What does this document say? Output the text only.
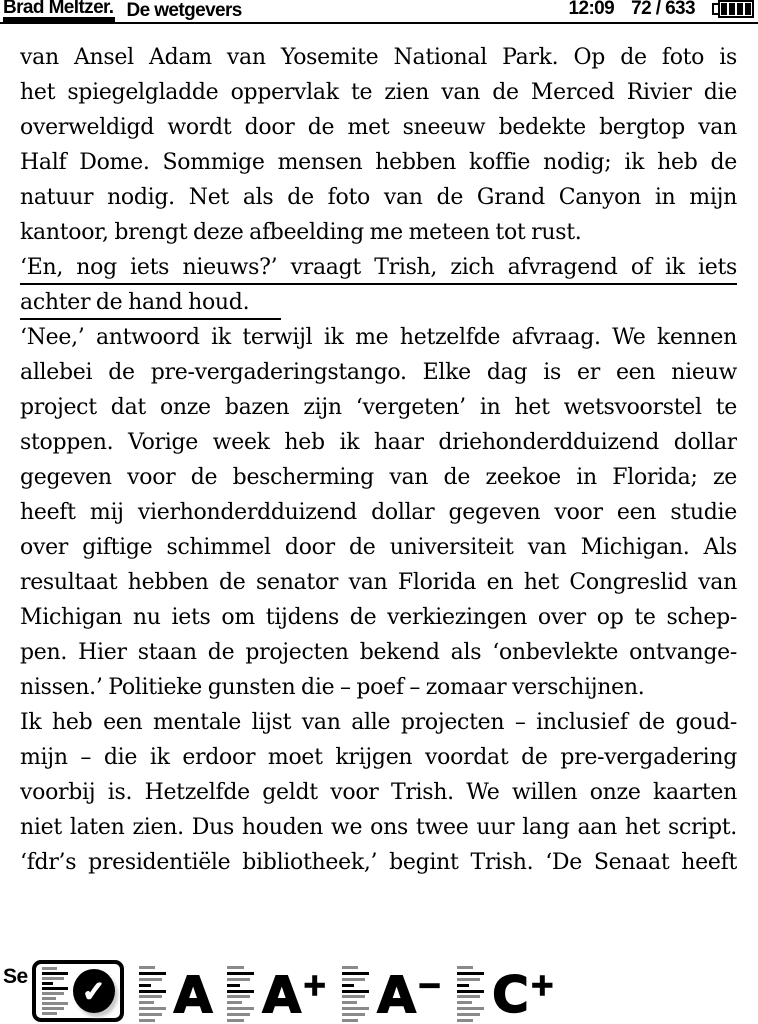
Brad Meltzer. De wetgevers	12:09 72 / 633
van Ansel Adam van Yosemite National Park. Op de foto is
het spiegelgladde oppervlak te zien van de Merced Rivier die
overweldigd wordt door de met sneeuw bedekte bergtop van
Half Dome. Sommige mensen hebben koffie nodig; ik heb de
natuur nodig. Net als de foto van de Grand Canyon in mijn
kantoor, brengt deze afbeelding me meteen tot rust.
‘En, nog iets nieuws?’ vraagt Trish, zich afvragend of ik iets
achter de hand houd.
‘Nee,’ antwoord ik terwijl ik me hetzelfde afvraag. We kennen
allebei de pre-vergaderingstango. Elke dag is er een nieuw
project dat onze bazen zijn ‘vergeten’ in het wetsvoorstel te
stoppen. Vorige week heb ik haar driehonderdduizend dollar
gegeven voor de bescherming van de zeekoe in Florida; ze
heeft mij vierhonderdduizend dollar gegeven voor een studie
over giftige schimmel door de universiteit van Michigan. Als
resultaat hebben de senator van Florida en het Congreslid van
Michigan nu iets om tijdens de verkiezingen over op te schep-
pen. Hier staan de projecten bekend als ‘onbevlekte ontvange-
nissen.’ Politieke gunsten die – poef – zomaar verschijnen.
Ik heb een mentale lijst van alle projecten – inclusief de goud-
mijn – die ik erdoor moet krijgen voordat de pre-vergadering
voorbij is. Hetzelfde geldt voor Trish. We willen onze kaarten
niet laten zien. Dus houden we ons twee uur lang aan het script.
‘fdr’s presidentiële bibliotheek,’ begint Trish. ‘De Senaat heeft
Se	✓ A A+ A− C+
